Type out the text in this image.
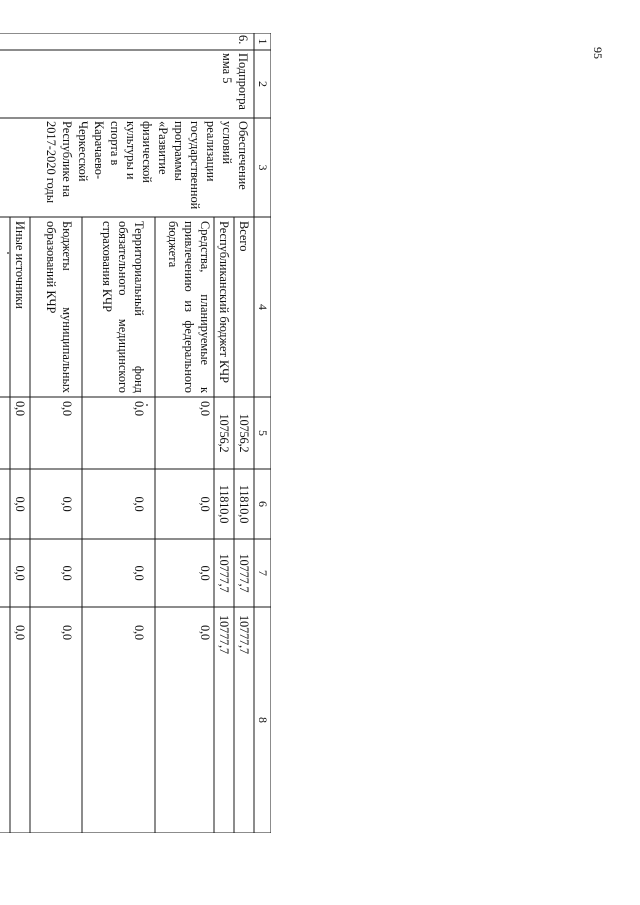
95
1
2
3
4
5
6
7
8
6.
Подпрограмма 5
Обеспечение условий реализации государственной программы «Развитие физической культуры и спорта в Карачаево-Черкесской Республике на 2017-2020 годы
Всего
10756,2
11810,0
10777,7
10777,7
Республиканский бюджет КЧР
10756,2
11810,0
10777,7
10777,7
Средства, планируемые к привлечению из федерального бюджета
0,0
0,0
0,0
0,0
Территориальный фонд обязательного медицинского страхования КЧР
0,0
0,0
0,0
0,0
Бюджеты муниципальных образований КЧР
0,0
0,0
0,0
0,0
Иные источники
0,0
0,0
0,0
0,0
